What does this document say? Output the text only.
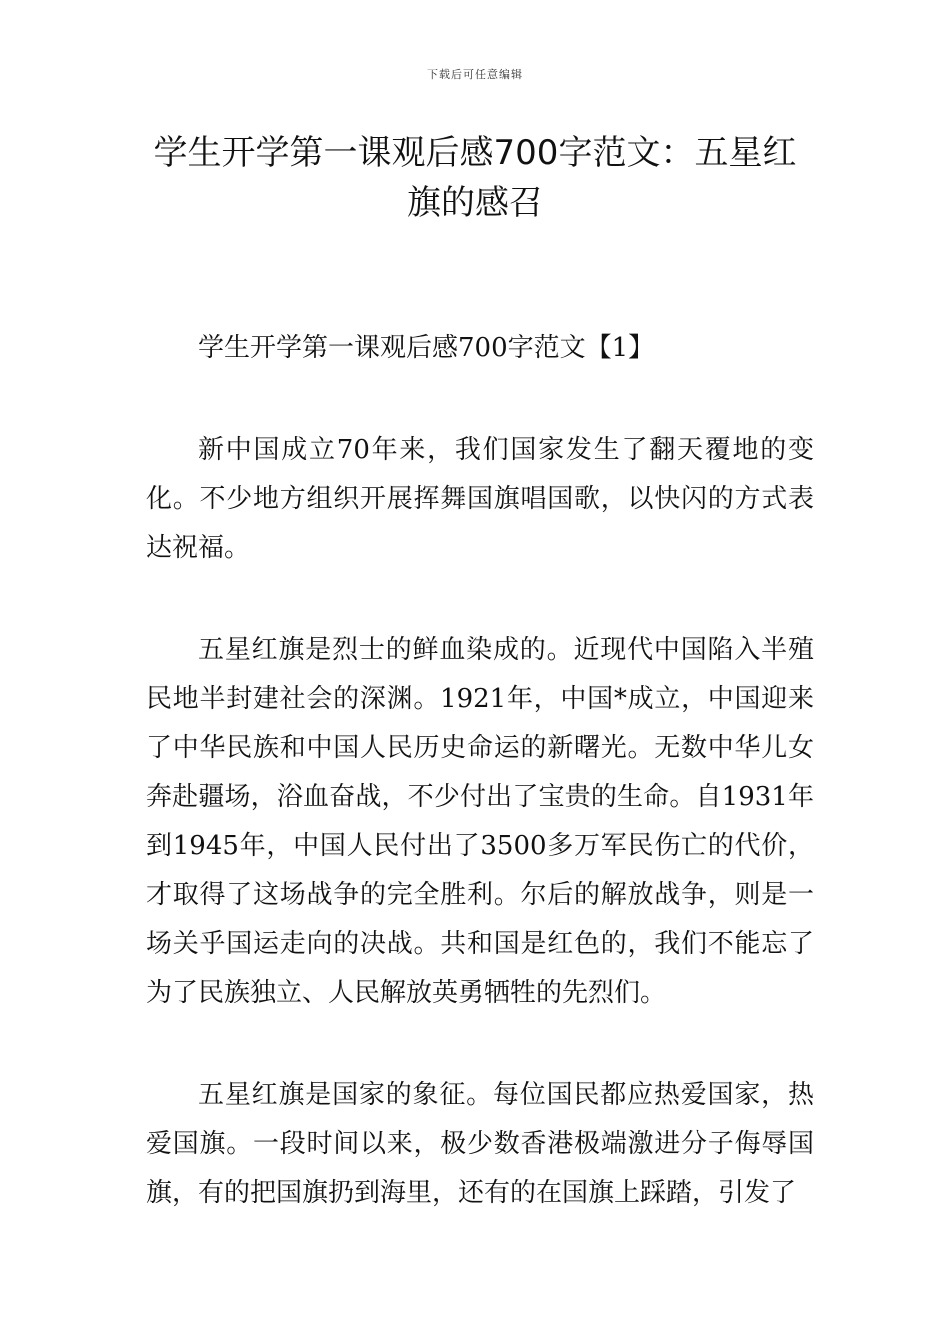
下载后可任意编辑
学生开学第一课观后感700字范文：五星红旗的感召

学生开学第一课观后感700字范文【1】

新中国成立70年来，我们国家发生了翻天覆地的变化。不少地方组织开展挥舞国旗唱国歌，以快闪的方式表达祝福。

五星红旗是烈士的鲜血染成的。近现代中国陷入半殖民地半封建社会的深渊。1921年，中国*成立，中国迎来了中华民族和中国人民历史命运的新曙光。无数中华儿女奔赴疆场，浴血奋战，不少付出了宝贵的生命。自1931年到1945年，中国人民付出了3500多万军民伤亡的代价，才取得了这场战争的完全胜利。尔后的解放战争，则是一场关乎国运走向的决战。共和国是红色的，我们不能忘了为了民族独立、人民解放英勇牺牲的先烈们。

五星红旗是国家的象征。每位国民都应热爱国家，热爱国旗。一段时间以来，极少数香港极端激进分子侮辱国旗，有的把国旗扔到海里，还有的在国旗上踩踏，引发了
